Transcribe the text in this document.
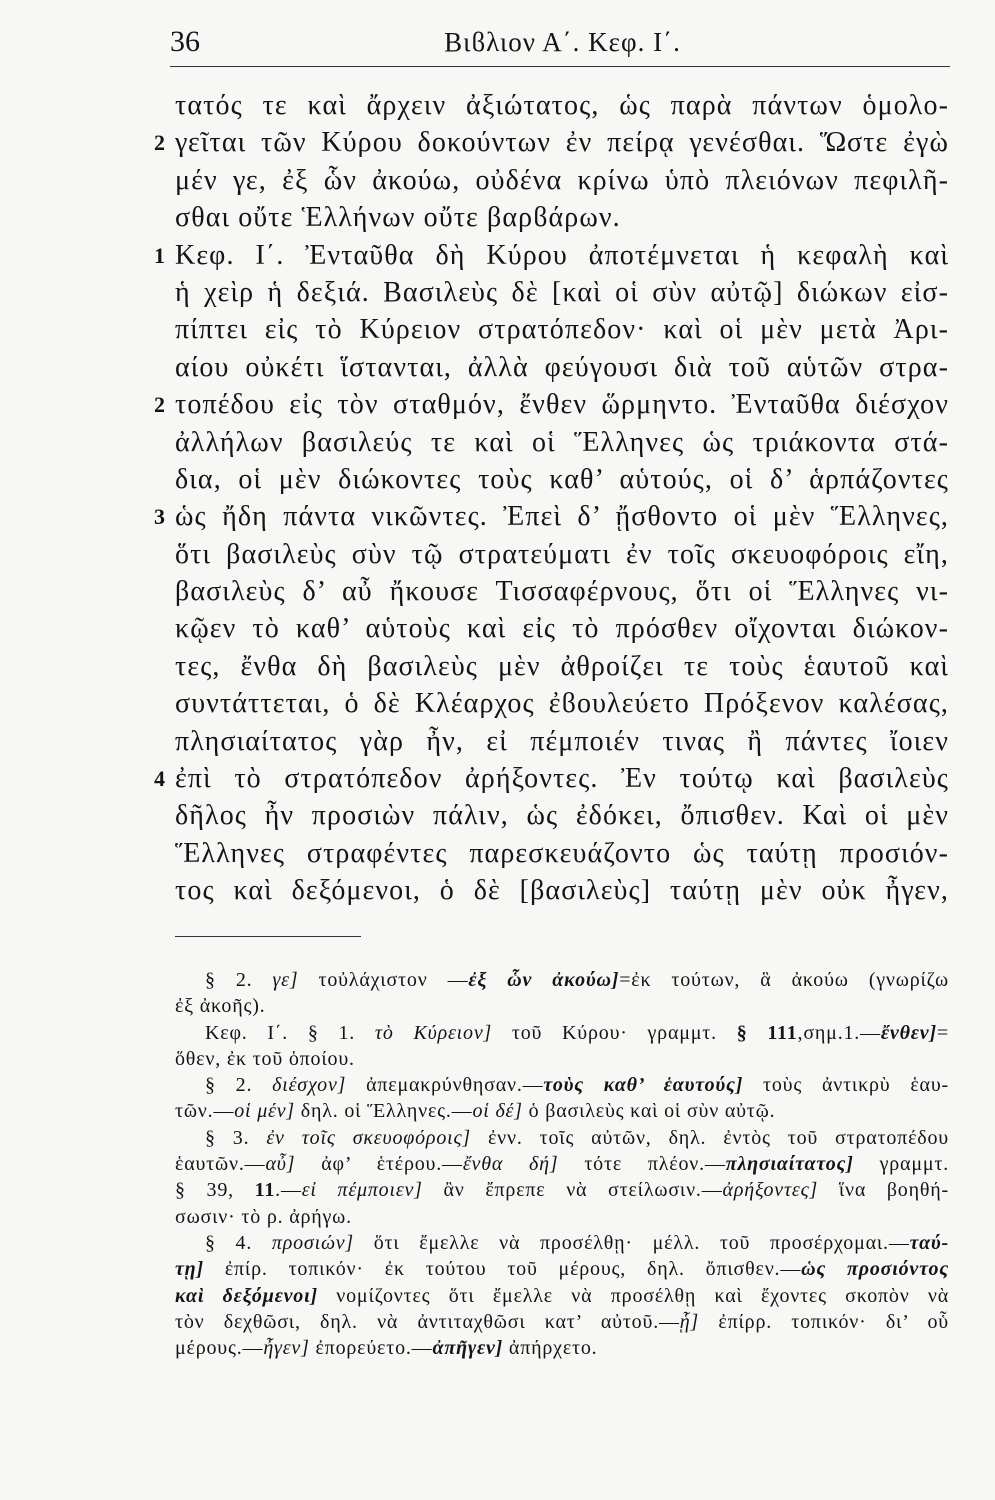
36	Βιϐλιον Α΄. Κεφ. Ι΄.
τατός τε καὶ ἄρχειν ἀξιώτατος, ὡς παρὰ πάντων ὁμολο-
2 γεῖται τῶν Κύρου δοκούντων ἐν πείρᾳ γενέσθαι. Ὥστε ἐγὼ
μέν γε, ἐξ ὧν ἀκούω, οὐδένα κρίνω ὑπὸ πλειόνων πεφιλῆ-
σθαι οὔτε Ἑλλήνων οὔτε βαρϐάρων.
1 Κεφ. Ι΄. Ἐνταῦθα δὴ Κύρου ἀποτέμνεται ἡ κεφαλὴ καὶ
ἡ χεὶρ ἡ δεξιά. Βασιλεὺς δὲ [καὶ οἱ σὺν αὐτῷ] διώκων εἰσ-
πίπτει εἰς τὸ Κύρειον στρατόπεδον· καὶ οἱ μὲν μετὰ Ἀρι-
αίου οὐκέτι ἵστανται, ἀλλὰ φεύγουσι διὰ τοῦ αὑτῶν στρα-
2 τοπέδου εἰς τὸν σταθμόν, ἔνθεν ὥρμηντο. Ἐνταῦθα διέσχον
ἀλλήλων βασιλεύς τε καὶ οἱ Ἕλληνες ὡς τριάκοντα στά-
δια, οἱ μὲν διώκοντες τοὺς καθ’ αὑτούς, οἱ δ’ ἁρπάζοντες
3 ὡς ἤδη πάντα νικῶντες. Ἐπεὶ δ’ ᾔσθοντο οἱ μὲν Ἕλληνες,
ὅτι βασιλεὺς σὺν τῷ στρατεύματι ἐν τοῖς σκευοφόροις εἴη,
βασιλεὺς δ’ αὖ ἤκουσε Τισσαφέρνους, ὅτι οἱ Ἕλληνες νι-
κῷεν τὸ καθ’ αὑτοὺς καὶ εἰς τὸ πρόσθεν οἴχονται διώκον-
τες, ἔνθα δὴ βασιλεὺς μὲν ἀθροίζει τε τοὺς ἑαυτοῦ καὶ
συντάττεται, ὁ δὲ Κλέαρχος ἐϐουλεύετο Πρόξενον καλέσας,
πλησιαίτατος γὰρ ἦν, εἰ πέμποιέν τινας ἢ πάντες ἴοιεν
4 ἐπὶ τὸ στρατόπεδον ἀρήξοντες. Ἐν τούτῳ καὶ βασιλεὺς
δῆλος ἦν προσιὼν πάλιν, ὡς ἐδόκει, ὄπισθεν. Καὶ οἱ μὲν
Ἕλληνες στραφέντες παρεσκευάζοντο ὡς ταύτῃ προσιόν-
τος καὶ δεξόμενοι, ὁ δὲ [βασιλεὺς] ταύτῃ μὲν οὐκ ἦγεν,
§ 2. γε] τοὐλάχιστον —ἐξ ὧν ἀκούω]=ἐκ τούτων, ἃ ἀκούω (γνωρίζω
ἐξ ἀκοῆς).
Κεφ. Ι΄. § 1. τὸ Κύρειον] τοῦ Κύρου· γραμμτ. § 111,σημ.1.—ἔνθεν]=
ὅθεν, ἐκ τοῦ ὁποίου.
§ 2. διέσχον] ἀπεμακρύνθησαν.—τοὺς καθ’ ἑαυτούς] τοὺς ἀντικρὺ ἑαυ-
τῶν.—οἱ μέν] δηλ. οἱ Ἕλληνες.—οἱ δέ] ὁ βασιλεὺς καὶ οἱ σὺν αὐτῷ.
§ 3. ἐν τοῖς σκευοφόροις] ἐνν. τοῖς αὐτῶν, δηλ. ἐντὸς τοῦ στρατοπέδου
ἑαυτῶν.—αὖ] ἀφ’ ἑτέρου.—ἔνθα δή] τότε πλέον.—πλησιαίτατος] γραμμτ.
§ 39, 11.—εἰ πέμποιεν] ἂν ἔπρεπε νὰ στείλωσιν.—ἀρήξοντες] ἵνα βοηθή-
σωσιν· τὸ ρ. ἀρήγω.
§ 4. προσιών] ὅτι ἔμελλε νὰ προσέλθῃ· μέλλ. τοῦ προσέρχομαι.—ταύ-
τῃ] ἐπίρ. τοπικόν· ἐκ τούτου τοῦ μέρους, δηλ. ὄπισθεν.—ὡς προσιόντος
καὶ δεξόμενοι] νομίζοντες ὅτι ἔμελλε νὰ προσέλθῃ καὶ ἔχοντες σκοπὸν νὰ
τὸν δεχθῶσι, δηλ. νὰ ἀντιταχθῶσι κατ’ αὐτοῦ.—ᾗ] ἐπίρρ. τοπικόν· δι’ οὗ
μέρους.—ἦγεν] ἐπορεύετο.—ἀπῆγεν] ἀπήρχετο.
